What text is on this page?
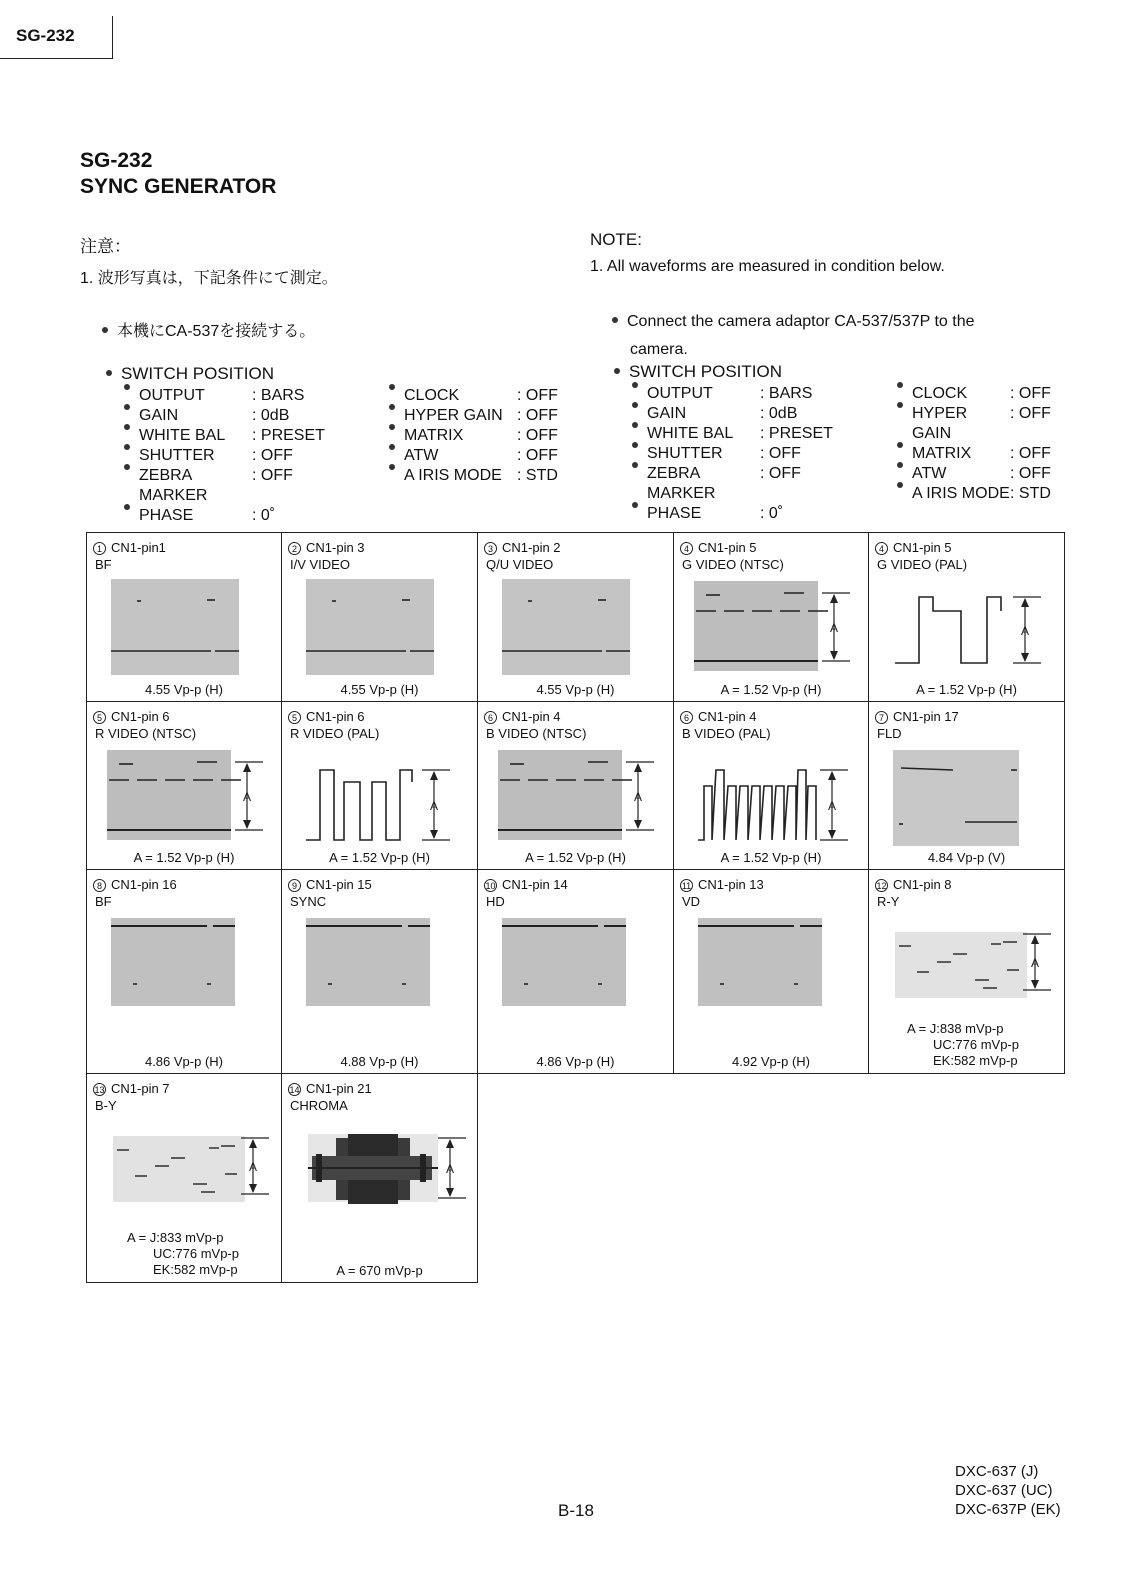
SG-232
SG-232
SYNC GENERATOR
注意：
1. 波形写真は，下記条件にて測定。
本機にCA-537を接続する。
SWITCH POSITION
OUTPUT	: BARS
GAIN	: 0dB
WHITE BAL	: PRESET
SHUTTER	: OFF
ZEBRA MARKER
: OFF
PHASE	: 0˚
CLOCK	: OFF
HYPER GAIN : OFF
MATRIX	: OFF
ATW	: OFF
A IRIS MODE : STD
NOTE:
1. All waveforms are measured in condition below.
Connect the camera adaptor CA-537/537P to the
camera.
SWITCH POSITION
OUTPUT	: BARS
GAIN	: 0dB
WHITE BAL	: PRESET
SHUTTER	: OFF
ZEBRA MARKER
: OFF
PHASE	: 0˚
CLOCK	: OFF
HYPER GAIN
: OFF
MATRIX	: OFF
ATW	: OFF
A IRIS MODE : STD
1 CN1-pin1
BF
4.55 Vp-p (H)
2 CN1-pin 3
I/V VIDEO
4.55 Vp-p (H)
3 CN1-pin 2
Q/U VIDEO
4.55 Vp-p (H)
4 CN1-pin 5
G VIDEO (NTSC)
A
A = 1.52 Vp-p (H)
4 CN1-pin 5
G VIDEO (PAL)
A
A = 1.52 Vp-p (H)
5 CN1-pin 6
R VIDEO (NTSC)
A
A = 1.52 Vp-p (H)
5 CN1-pin 6
R VIDEO (PAL)
A
A = 1.52 Vp-p (H)
6 CN1-pin 4
B VIDEO (NTSC)
A
A = 1.52 Vp-p (H)
6 CN1-pin 4
B VIDEO (PAL)
A
A = 1.52 Vp-p (H)
7 CN1-pin 17
FLD
4.84 Vp-p (V)
8 CN1-pin 16
BF
4.86 Vp-p (H)
9 CN1-pin 15
SYNC
4.88 Vp-p (H)
10 CN1-pin 14
HD
4.86 Vp-p (H)
11 CN1-pin 13
VD
4.92 Vp-p (H)
12 CN1-pin 8
R-Y
A
A = J:838 mVp-p
UC:776 mVp-p
EK:582 mVp-p
13 CN1-pin 7
B-Y
A
A = J:833 mVp-p
UC:776 mVp-p
EK:582 mVp-p
14 CN1-pin 21
CHROMA
A
A = 670 mVp-p
B-18
DXC-637 (J)
DXC-637 (UC)
DXC-637P (EK)
